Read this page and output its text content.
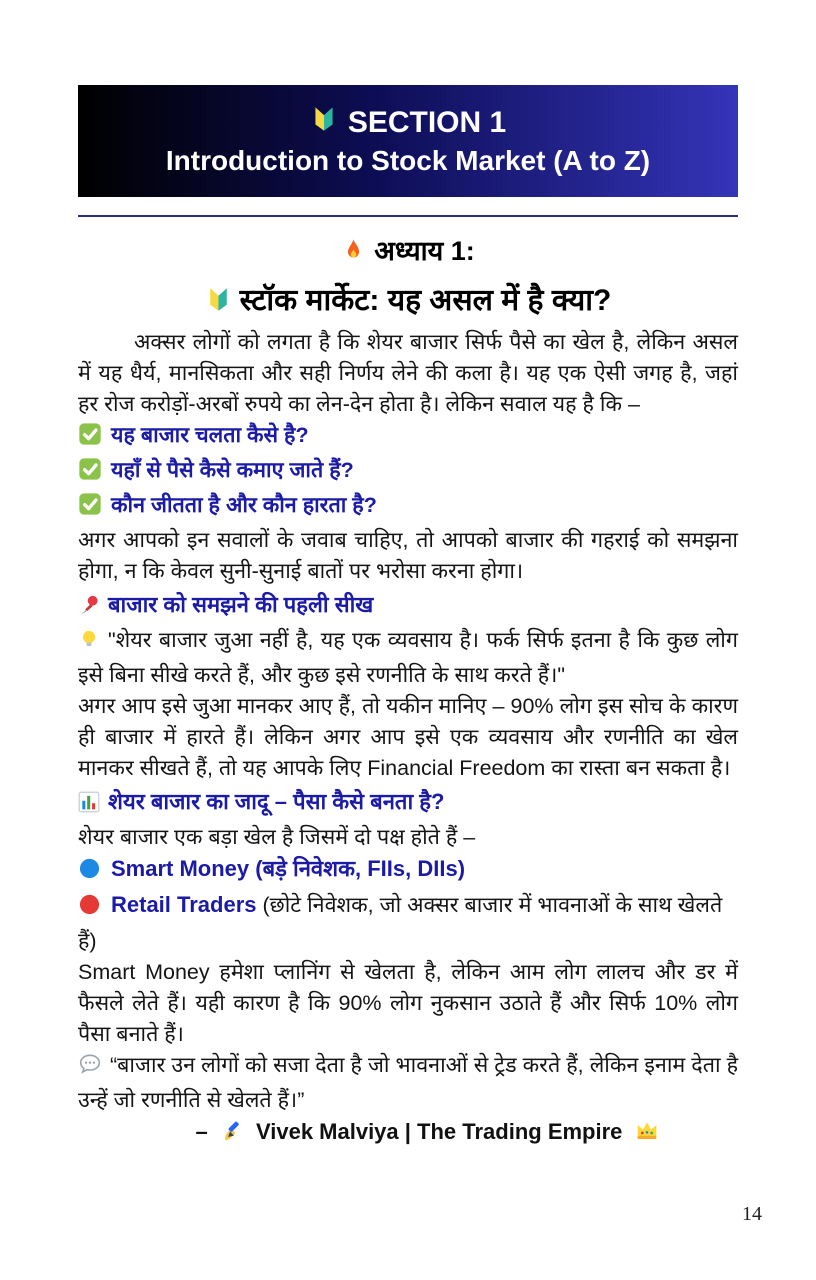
SECTION 1
Introduction to Stock Market (A to Z)
अध्याय 1:
स्टॉक मार्केट: यह असल में है क्या?

अक्सर लोगों को लगता है कि शेयर बाजार सिर्फ पैसे का खेल है, लेकिन असल में यह धैर्य, मानसिकता और सही निर्णय लेने की कला है। यह एक ऐसी जगह है, जहां हर रोज करोड़ों-अरबों रुपये का लेन-देन होता है। लेकिन सवाल यह है कि –

यह बाजार चलता कैसे है?
यहाँ से पैसे कैसे कमाए जाते हैं?
कौन जीतता है और कौन हारता है?

अगर आपको इन सवालों के जवाब चाहिए, तो आपको बाजार की गहराई को समझना होगा, न कि केवल सुनी-सुनाई बातों पर भरोसा करना होगा।

बाजार को समझने की पहली सीख

"शेयर बाजार जुआ नहीं है, यह एक व्यवसाय है। फर्क सिर्फ इतना है कि कुछ लोग इसे बिना सीखे करते हैं, और कुछ इसे रणनीति के साथ करते हैं।"

अगर आप इसे जुआ मानकर आए हैं, तो यकीन मानिए – 90% लोग इस सोच के कारण ही बाजार में हारते हैं। लेकिन अगर आप इसे एक व्यवसाय और रणनीति का खेल मानकर सीखते हैं, तो यह आपके लिए Financial Freedom का रास्ता बन सकता है।

शेयर बाजार का जादू – पैसा कैसे बनता है?

शेयर बाजार एक बड़ा खेल है जिसमें दो पक्ष होते हैं –

Smart Money (बड़े निवेशक, FIIs, DIIs)
Retail Traders (छोटे निवेशक, जो अक्सर बाजार में भावनाओं के साथ खेलते हैं)

Smart Money हमेशा प्लानिंग से खेलता है, लेकिन आम लोग लालच और डर में फैसले लेते हैं। यही कारण है कि 90% लोग नुकसान उठाते हैं और सिर्फ 10% लोग पैसा बनाते हैं।

“बाजार उन लोगों को सजा देता है जो भावनाओं से ट्रेड करते हैं, लेकिन इनाम देता है उन्हें जो रणनीति से खेलते हैं।”

– Vivek Malviya | The Trading Empire
14
